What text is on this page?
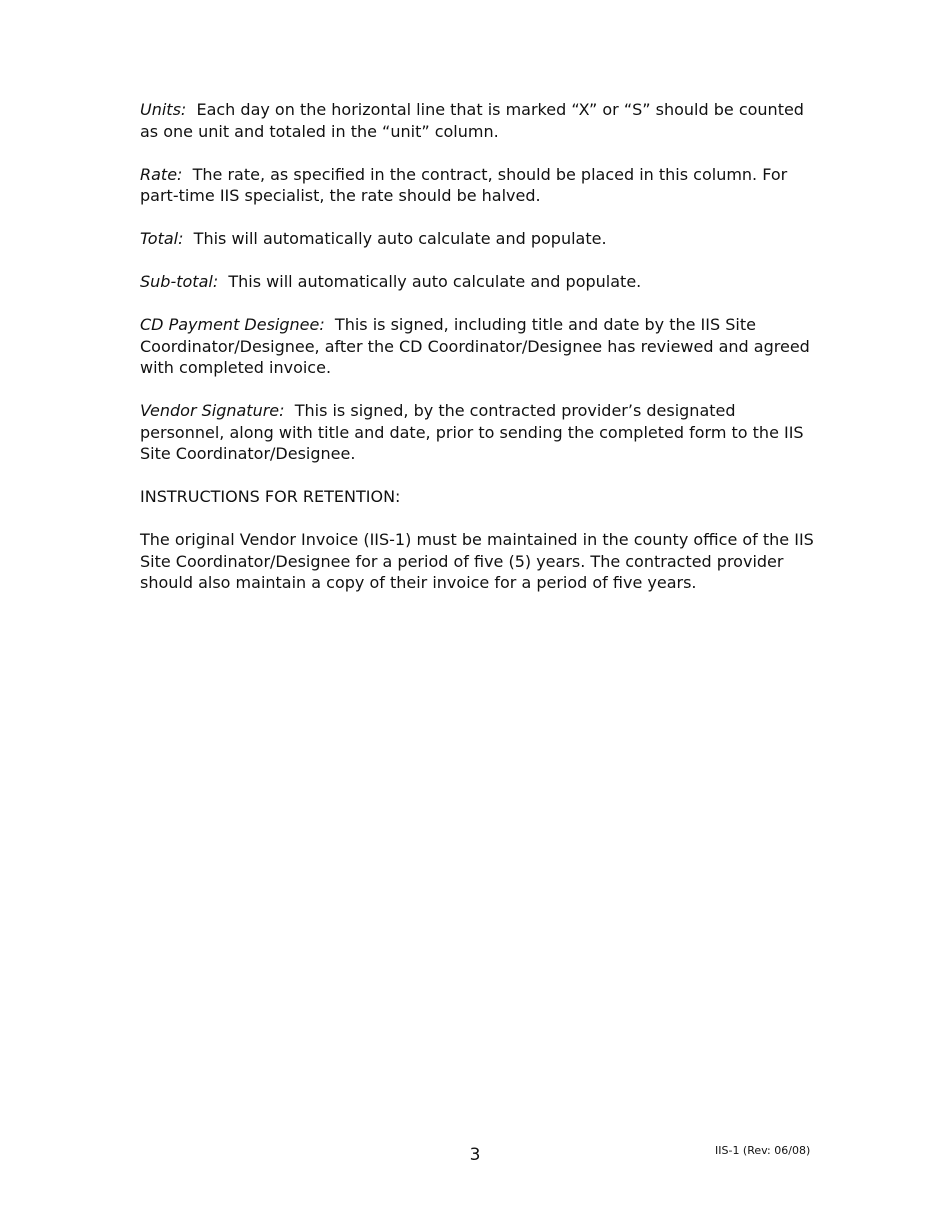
Units: Each day on the horizontal line that is marked “X” or “S” should be counted as one unit and totaled in the “unit” column.

Rate: The rate, as specified in the contract, should be placed in this column. For part-time IIS specialist, the rate should be halved.

Total: This will automatically auto calculate and populate.

Sub-total: This will automatically auto calculate and populate.

CD Payment Designee: This is signed, including title and date by the IIS Site Coordinator/Designee, after the CD Coordinator/Designee has reviewed and agreed with completed invoice.

Vendor Signature: This is signed, by the contracted provider’s designated personnel, along with title and date, prior to sending the completed form to the IIS Site Coordinator/Designee.

INSTRUCTIONS FOR RETENTION:

The original Vendor Invoice (IIS-1) must be maintained in the county office of the IIS Site Coordinator/Designee for a period of five (5) years. The contracted provider should also maintain a copy of their invoice for a period of five years.

3	IIS-1 (Rev: 06/08)
